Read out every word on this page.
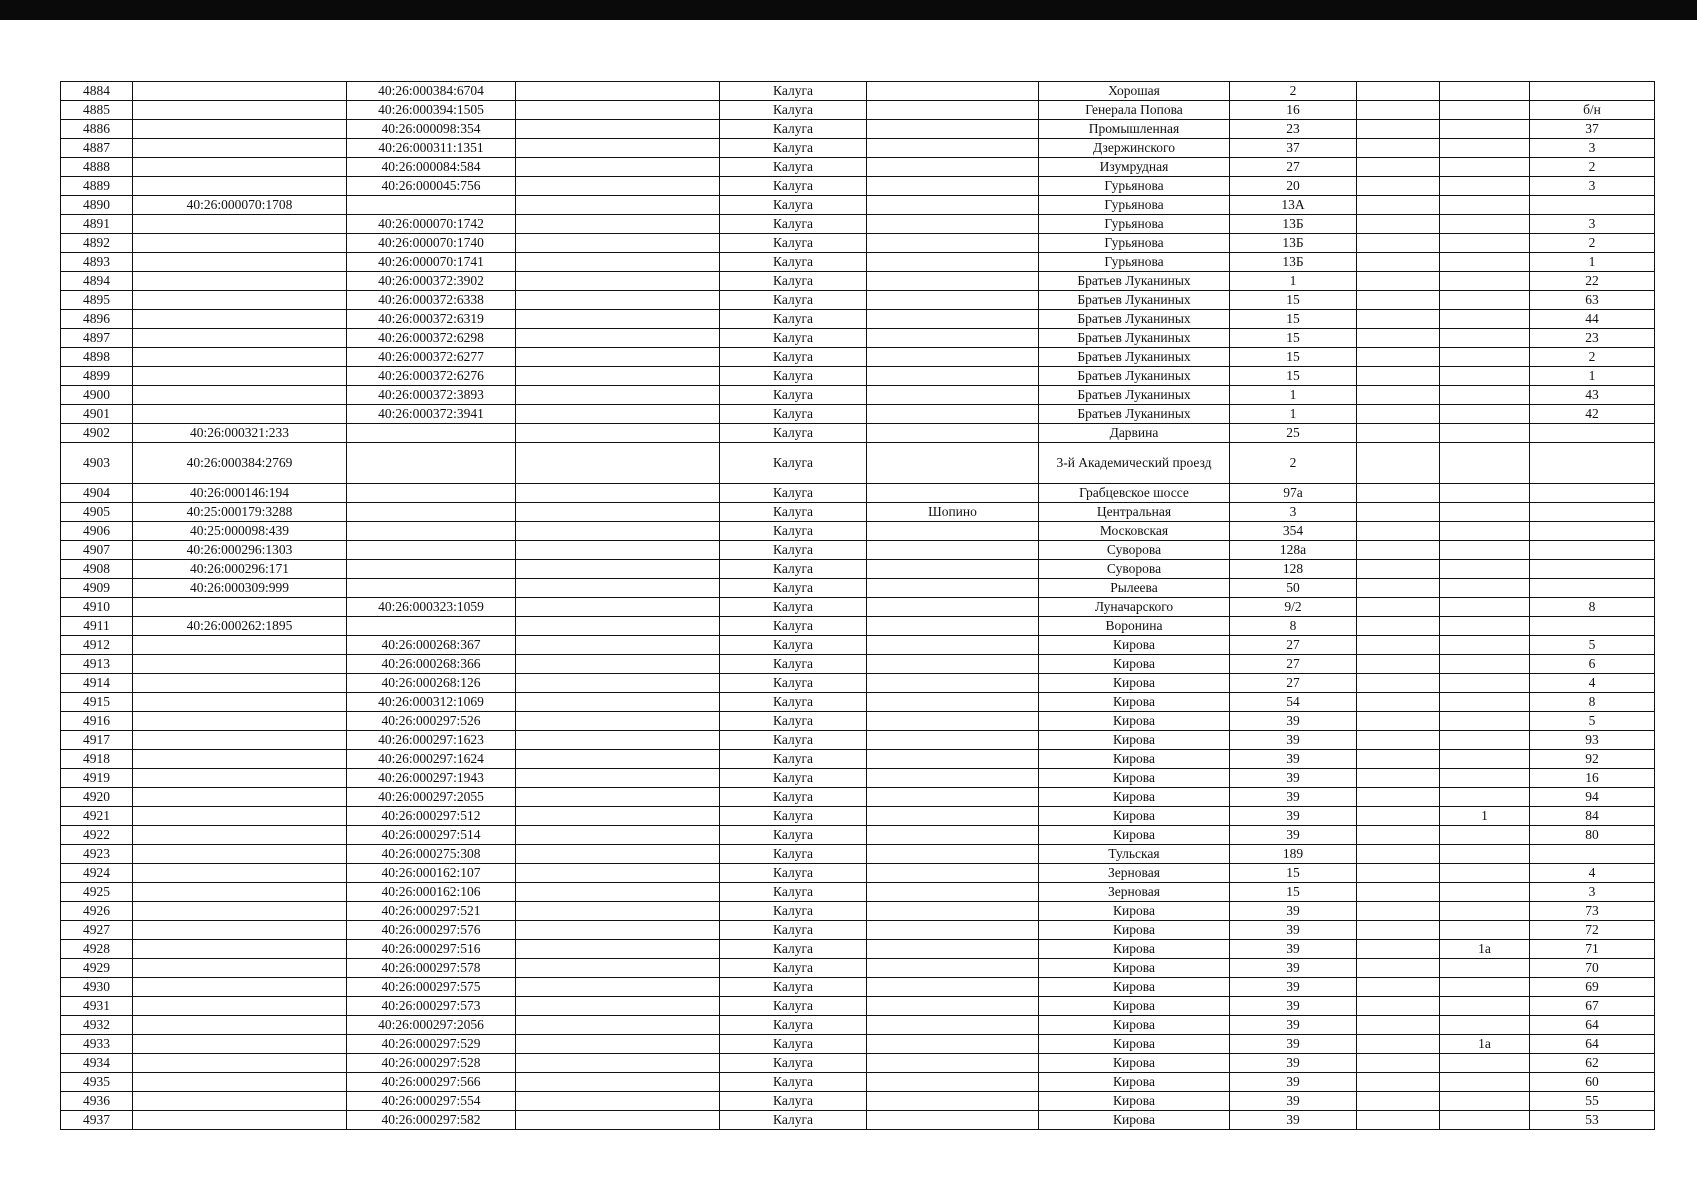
4884		40:26:000384:6704		Калуга		Хорошая	2			
4885		40:26:000394:1505		Калуга		Генерала Попова	16			б/н
4886		40:26:000098:354		Калуга		Промышленная	23			37
4887		40:26:000311:1351		Калуга		Дзержинского	37			3
4888		40:26:000084:584		Калуга		Изумрудная	27			2
4889		40:26:000045:756		Калуга		Гурьянова	20			3
4890	40:26:000070:1708			Калуга		Гурьянова	13А			
4891		40:26:000070:1742		Калуга		Гурьянова	13Б			3
4892		40:26:000070:1740		Калуга		Гурьянова	13Б			2
4893		40:26:000070:1741		Калуга		Гурьянова	13Б			1
4894		40:26:000372:3902		Калуга		Братьев Луканиных	1			22
4895		40:26:000372:6338		Калуга		Братьев Луканиных	15			63
4896		40:26:000372:6319		Калуга		Братьев Луканиных	15			44
4897		40:26:000372:6298		Калуга		Братьев Луканиных	15			23
4898		40:26:000372:6277		Калуга		Братьев Луканиных	15			2
4899		40:26:000372:6276		Калуга		Братьев Луканиных	15			1
4900		40:26:000372:3893		Калуга		Братьев Луканиных	1			43
4901		40:26:000372:3941		Калуга		Братьев Луканиных	1			42
4902	40:26:000321:233			Калуга		Дарвина	25			
4903	40:26:000384:2769			Калуга		3-й Академический проезд	2			
4904	40:26:000146:194			Калуга		Грабцевское шоссе	97а			
4905	40:25:000179:3288			Калуга	Шопино	Центральная	3			
4906	40:25:000098:439			Калуга		Московская	354			
4907	40:26:000296:1303			Калуга		Суворова	128а			
4908	40:26:000296:171			Калуга		Суворова	128			
4909	40:26:000309:999			Калуга		Рылеева	50			
4910		40:26:000323:1059		Калуга		Луначарского	9/2			8
4911	40:26:000262:1895			Калуга		Воронина	8			
4912		40:26:000268:367		Калуга		Кирова	27			5
4913		40:26:000268:366		Калуга		Кирова	27			6
4914		40:26:000268:126		Калуга		Кирова	27			4
4915		40:26:000312:1069		Калуга		Кирова	54			8
4916		40:26:000297:526		Калуга		Кирова	39			5
4917		40:26:000297:1623		Калуга		Кирова	39			93
4918		40:26:000297:1624		Калуга		Кирова	39			92
4919		40:26:000297:1943		Калуга		Кирова	39			16
4920		40:26:000297:2055		Калуга		Кирова	39			94
4921		40:26:000297:512		Калуга		Кирова	39		1	84
4922		40:26:000297:514		Калуга		Кирова	39			80
4923		40:26:000275:308		Калуга		Тульская	189			
4924		40:26:000162:107		Калуга		Зерновая	15			4
4925		40:26:000162:106		Калуга		Зерновая	15			3
4926		40:26:000297:521		Калуга		Кирова	39			73
4927		40:26:000297:576		Калуга		Кирова	39			72
4928		40:26:000297:516		Калуга		Кирова	39		1а	71
4929		40:26:000297:578		Калуга		Кирова	39			70
4930		40:26:000297:575		Калуга		Кирова	39			69
4931		40:26:000297:573		Калуга		Кирова	39			67
4932		40:26:000297:2056		Калуга		Кирова	39			64
4933		40:26:000297:529		Калуга		Кирова	39		1а	64
4934		40:26:000297:528		Калуга		Кирова	39			62
4935		40:26:000297:566		Калуга		Кирова	39			60
4936		40:26:000297:554		Калуга		Кирова	39			55
4937		40:26:000297:582		Калуга		Кирова	39			53
